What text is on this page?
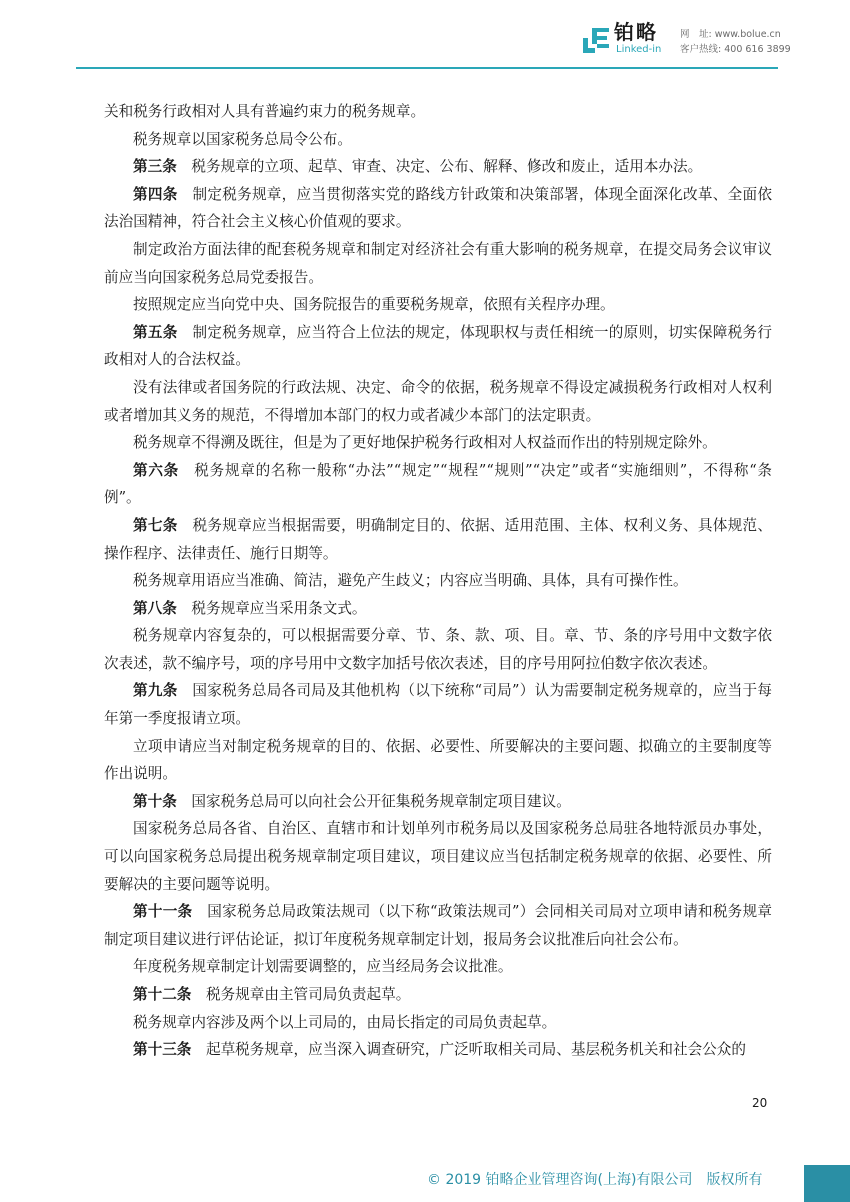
铂略
Linked-in
网　址: www.bolue.cn
客户热线: 400 616 3899

关和税务行政相对人具有普遍约束力的税务规章。

税务规章以国家税务总局令公布。

第三条　税务规章的立项、起草、审查、决定、公布、解释、修改和废止，适用本办法。

第四条　制定税务规章，应当贯彻落实党的路线方针政策和决策部署，体现全面深化改革、全面依法治国精神，符合社会主义核心价值观的要求。

制定政治方面法律的配套税务规章和制定对经济社会有重大影响的税务规章，在提交局务会议审议前应当向国家税务总局党委报告。

按照规定应当向党中央、国务院报告的重要税务规章，依照有关程序办理。

第五条　制定税务规章，应当符合上位法的规定，体现职权与责任相统一的原则，切实保障税务行政相对人的合法权益。

没有法律或者国务院的行政法规、决定、命令的依据，税务规章不得设定减损税务行政相对人权利或者增加其义务的规范，不得增加本部门的权力或者减少本部门的法定职责。

税务规章不得溯及既往，但是为了更好地保护税务行政相对人权益而作出的特别规定除外。

第六条　税务规章的名称一般称“办法”“规定”“规程”“规则”“决定”或者“实施细则”，不得称“条例”。

第七条　税务规章应当根据需要，明确制定目的、依据、适用范围、主体、权利义务、具体规范、操作程序、法律责任、施行日期等。

税务规章用语应当准确、简洁，避免产生歧义；内容应当明确、具体，具有可操作性。

第八条　税务规章应当采用条文式。

税务规章内容复杂的，可以根据需要分章、节、条、款、项、目。章、节、条的序号用中文数字依次表述，款不编序号，项的序号用中文数字加括号依次表述，目的序号用阿拉伯数字依次表述。

第九条　国家税务总局各司局及其他机构（以下统称“司局”）认为需要制定税务规章的，应当于每年第一季度报请立项。

立项申请应当对制定税务规章的目的、依据、必要性、所要解决的主要问题、拟确立的主要制度等作出说明。

第十条　国家税务总局可以向社会公开征集税务规章制定项目建议。

国家税务总局各省、自治区、直辖市和计划单列市税务局以及国家税务总局驻各地特派员办事处，可以向国家税务总局提出税务规章制定项目建议，项目建议应当包括制定税务规章的依据、必要性、所要解决的主要问题等说明。

第十一条　国家税务总局政策法规司（以下称“政策法规司”）会同相关司局对立项申请和税务规章制定项目建议进行评估论证，拟订年度税务规章制定计划，报局务会议批准后向社会公布。

年度税务规章制定计划需要调整的，应当经局务会议批准。

第十二条　税务规章由主管司局负责起草。

税务规章内容涉及两个以上司局的，由局长指定的司局负责起草。

第十三条　起草税务规章，应当深入调查研究，广泛听取相关司局、基层税务机关和社会公众的

20
© 2019 铂略企业管理咨询(上海)有限公司　版权所有
